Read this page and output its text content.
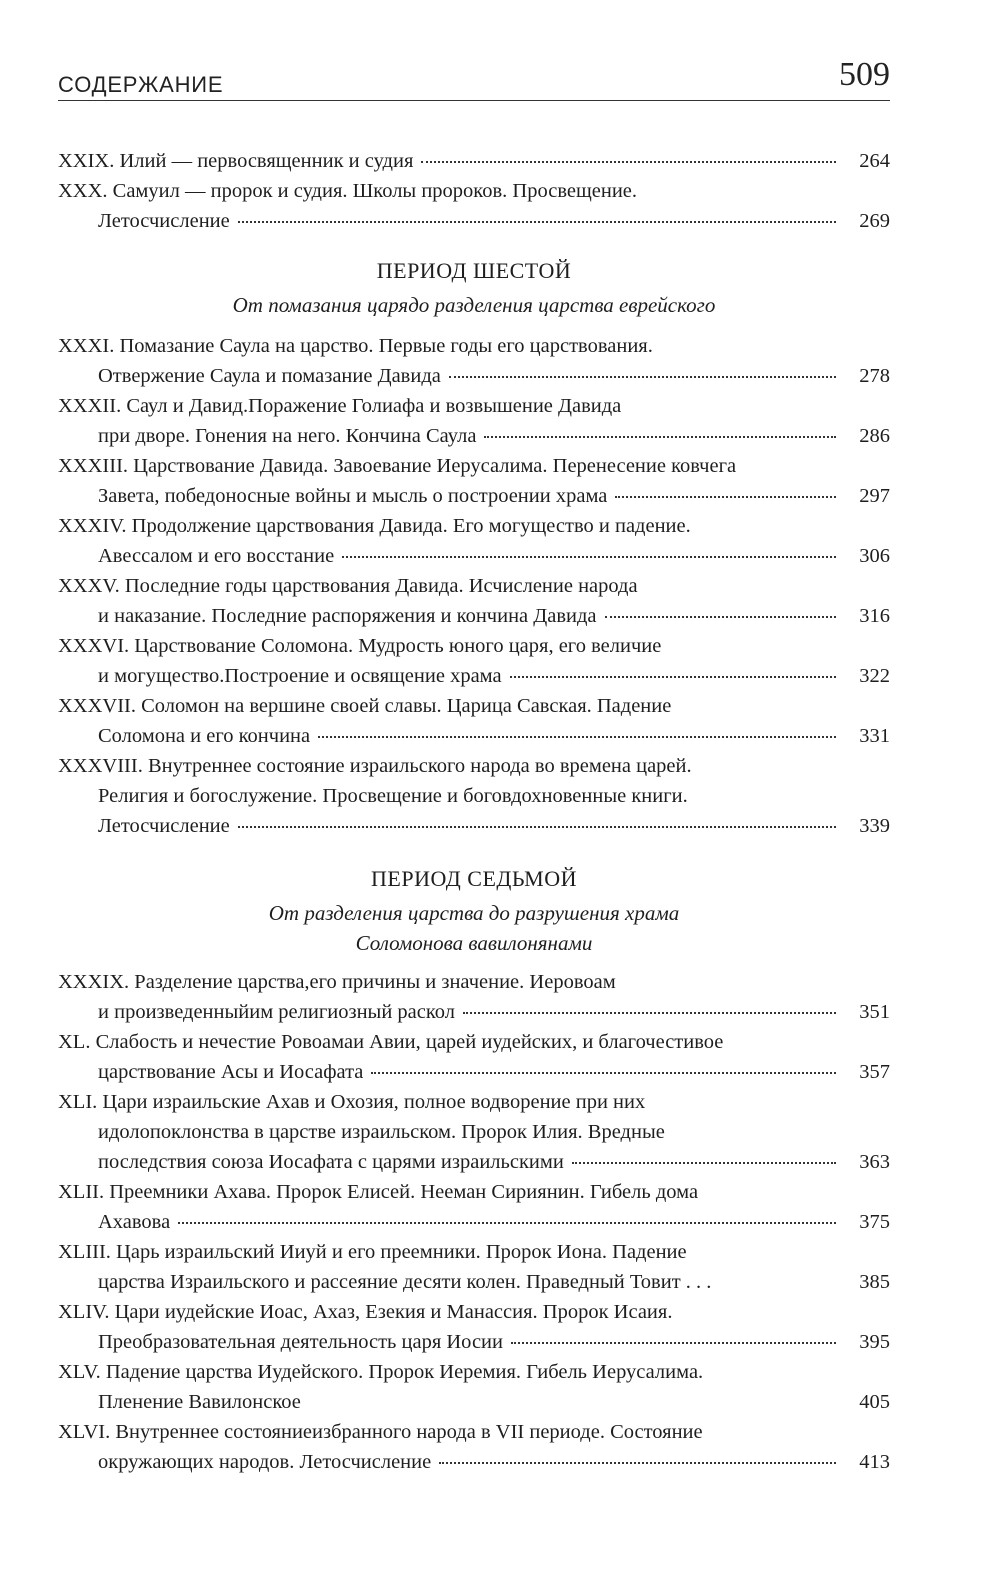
СОДЕРЖАНИЕ	509
XXIX. Илий — первосвященник и судия	264
XXX. Самуил — пророк и судия. Школы пророков. Просвещение.
Летосчисление	269
XXXI. Помазание Саула на царство. Первые годы его царствования.
Отвержение Саула и помазание Давида	278
XXXII. Саул и Давид.Поражение Голиафа и возвышение Давида
при дворе. Гонения на него. Кончина Саула	286
XXXIII. Царствование Давида. Завоевание Иерусалима. Перенесение ковчега
Завета, победоносные войны и мысль о построении храма	297
XXXIV. Продолжение царствования Давида. Его могущество и падение.
Авессалом и его восстание	306
XXXV. Последние годы царствования Давида. Исчисление народа
и наказание. Последние распоряжения и кончина Давида	316
XXXVI. Царствование Соломона. Мудрость юного царя, его величие
и могущество.Построение и освящение храма	322
XXXVII. Соломон на вершине своей славы. Царица Савская. Падение
Соломона и его кончина	331
XXXVIII. Внутреннее состояние израильского народа во времена царей.
Религия и богослужение. Просвещение и боговдохновенные книги.
Летосчисление	339
XXXIX. Разделение царства,его причины и значение. Иеровоам
и произведенныйим религиозный раскол	351
XL. Слабость и нечестие Ровоамаи Авии, царей иудейских, и благочестивое
царствование Асы и Иосафата	357
XLI. Цари израильские Ахав и Охозия, полное водворение при них
идолопоклонства в царстве израильском. Пророк Илия. Вредные
последствия союза Иосафата с царями израильскими	363
XLII. Преемники Ахава. Пророк Елисей. Нееман Сириянин. Гибель дома
Ахавова	375
XLIII. Царь израильский Ииуй и его преемники. Пророк Иона. Падение
царства Израильского и рассеяние десяти колен. Праведный Товит . . .	385
XLIV. Цари иудейские Иоас, Ахаз, Езекия и Манассия. Пророк Исаия.
Преобразовательная деятельность царя Иосии	395
XLV. Падение царства Иудейского. Пророк Иеремия. Гибель Иерусалима.
Пленение Вавилонское	405
XLVI. Внутреннее состояниеизбранного народа в VII периоде. Состояние
окружающих народов. Летосчисление	413
ПЕРИОД ШЕСТОЙ
От помазания царядо разделения царства еврейского
ПЕРИОД СЕДЬМОЙ
От разделения царства до разрушения храма
Соломонова вавилонянами
